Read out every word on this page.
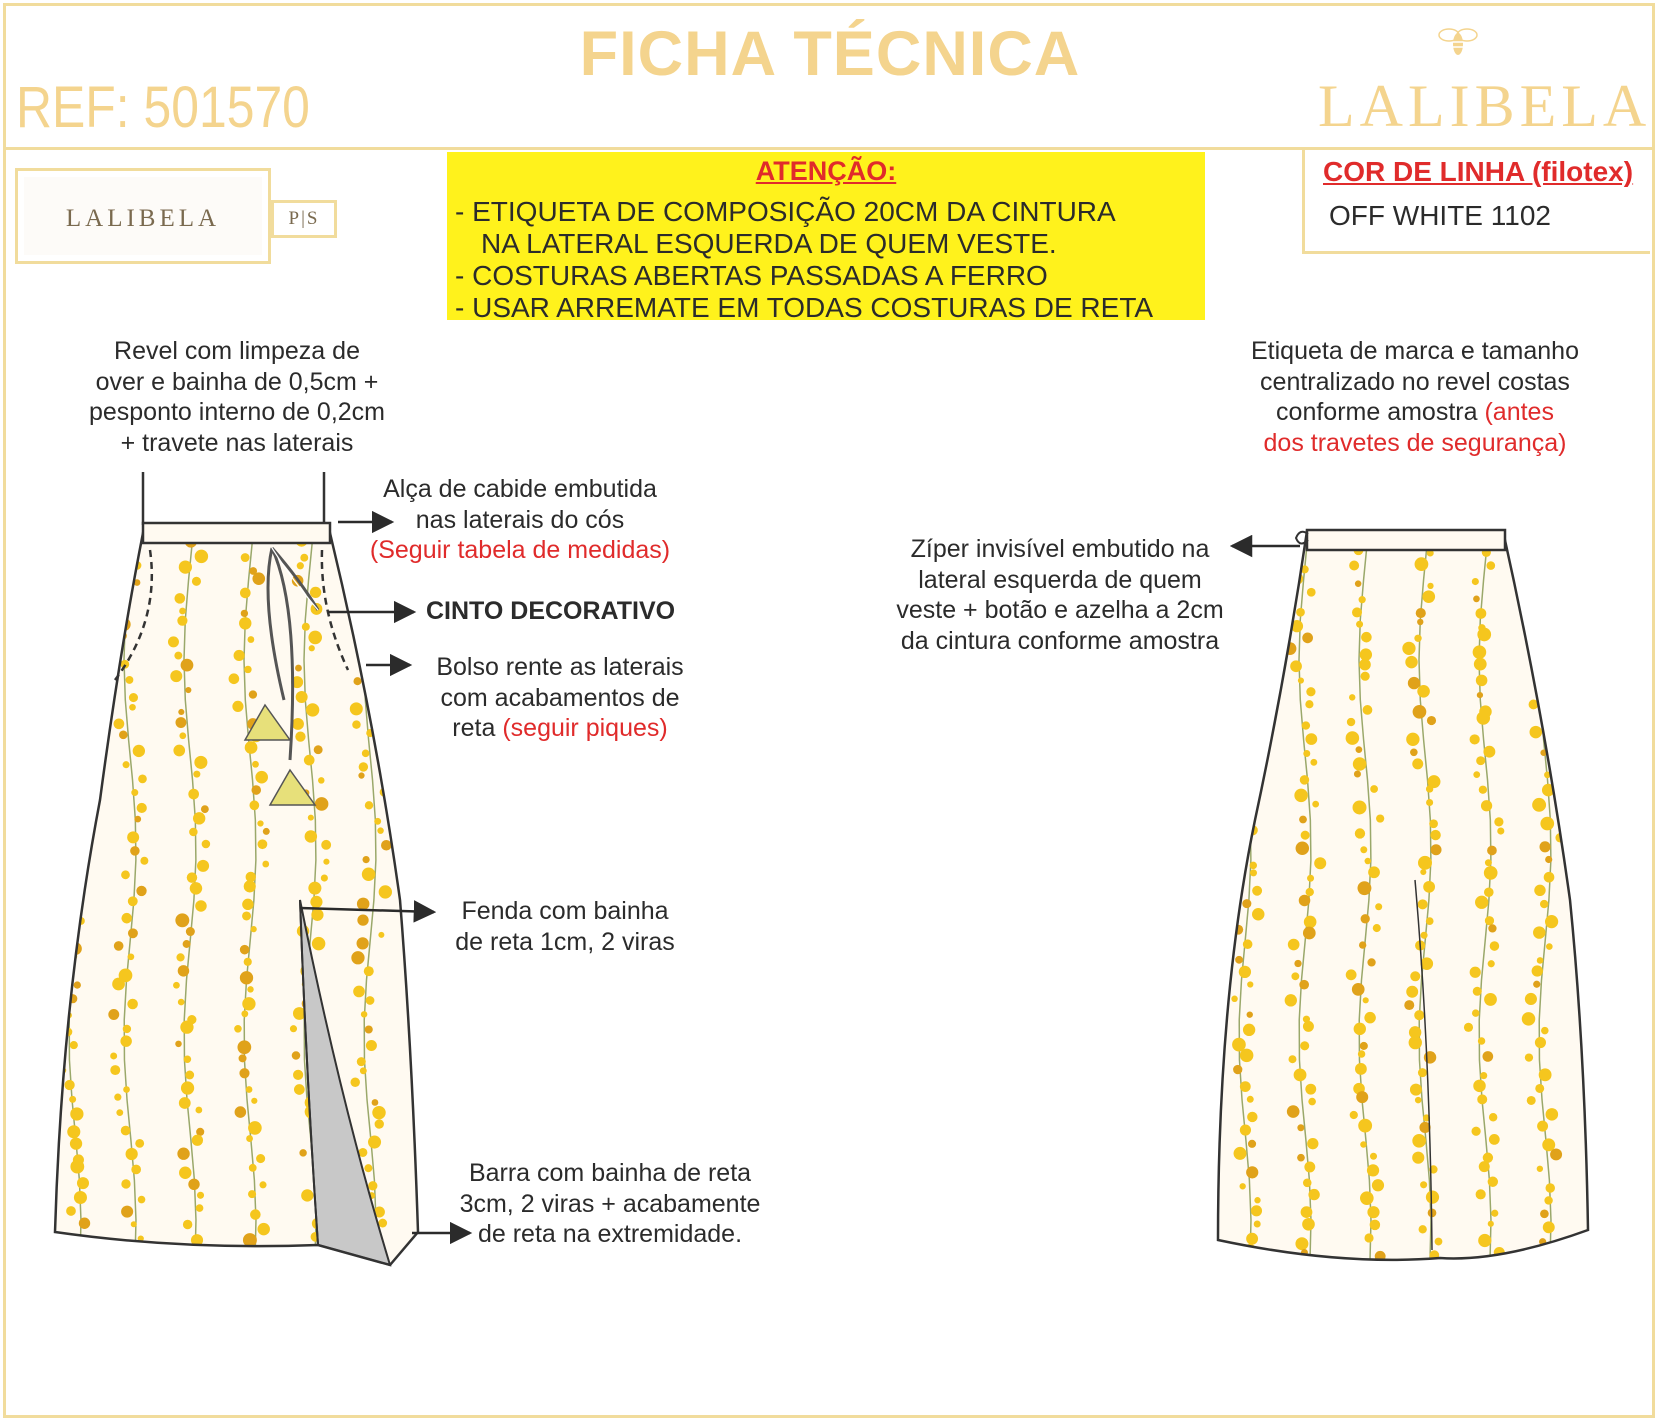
FICHA TÉCNICA
REF: 501570	LALIBELA
LALIBELA	P|S
ATENÇÃO:
- ETIQUETA DE COMPOSIÇÃO 20CM DA CINTURA
NA LATERAL ESQUERDA DE QUEM VESTE.
- COSTURAS ABERTAS PASSADAS A FERRO
- USAR ARREMATE EM TODAS COSTURAS DE RETA
COR DE LINHA (filotex)
OFF WHITE 1102
Revel com limpeza de
over e bainha de 0,5cm +
pesponto interno de 0,2cm
+ travete nas laterais
Alça de cabide embutida
nas laterais do cós
(Seguir tabela de medidas)
CINTO DECORATIVO
Bolso rente as laterais
com acabamentos de
reta (seguir piques)
Fenda com bainha
de reta 1cm, 2 viras
Barra com bainha de reta
3cm, 2 viras + acabamente
de reta na extremidade.
Etiqueta de marca e tamanho
centralizado no revel costas
conforme amostra (antes
dos travetes de segurança)
Zíper invisível embutido na
lateral esquerda de quem
veste + botão e azelha a 2cm
da cintura conforme amostra
